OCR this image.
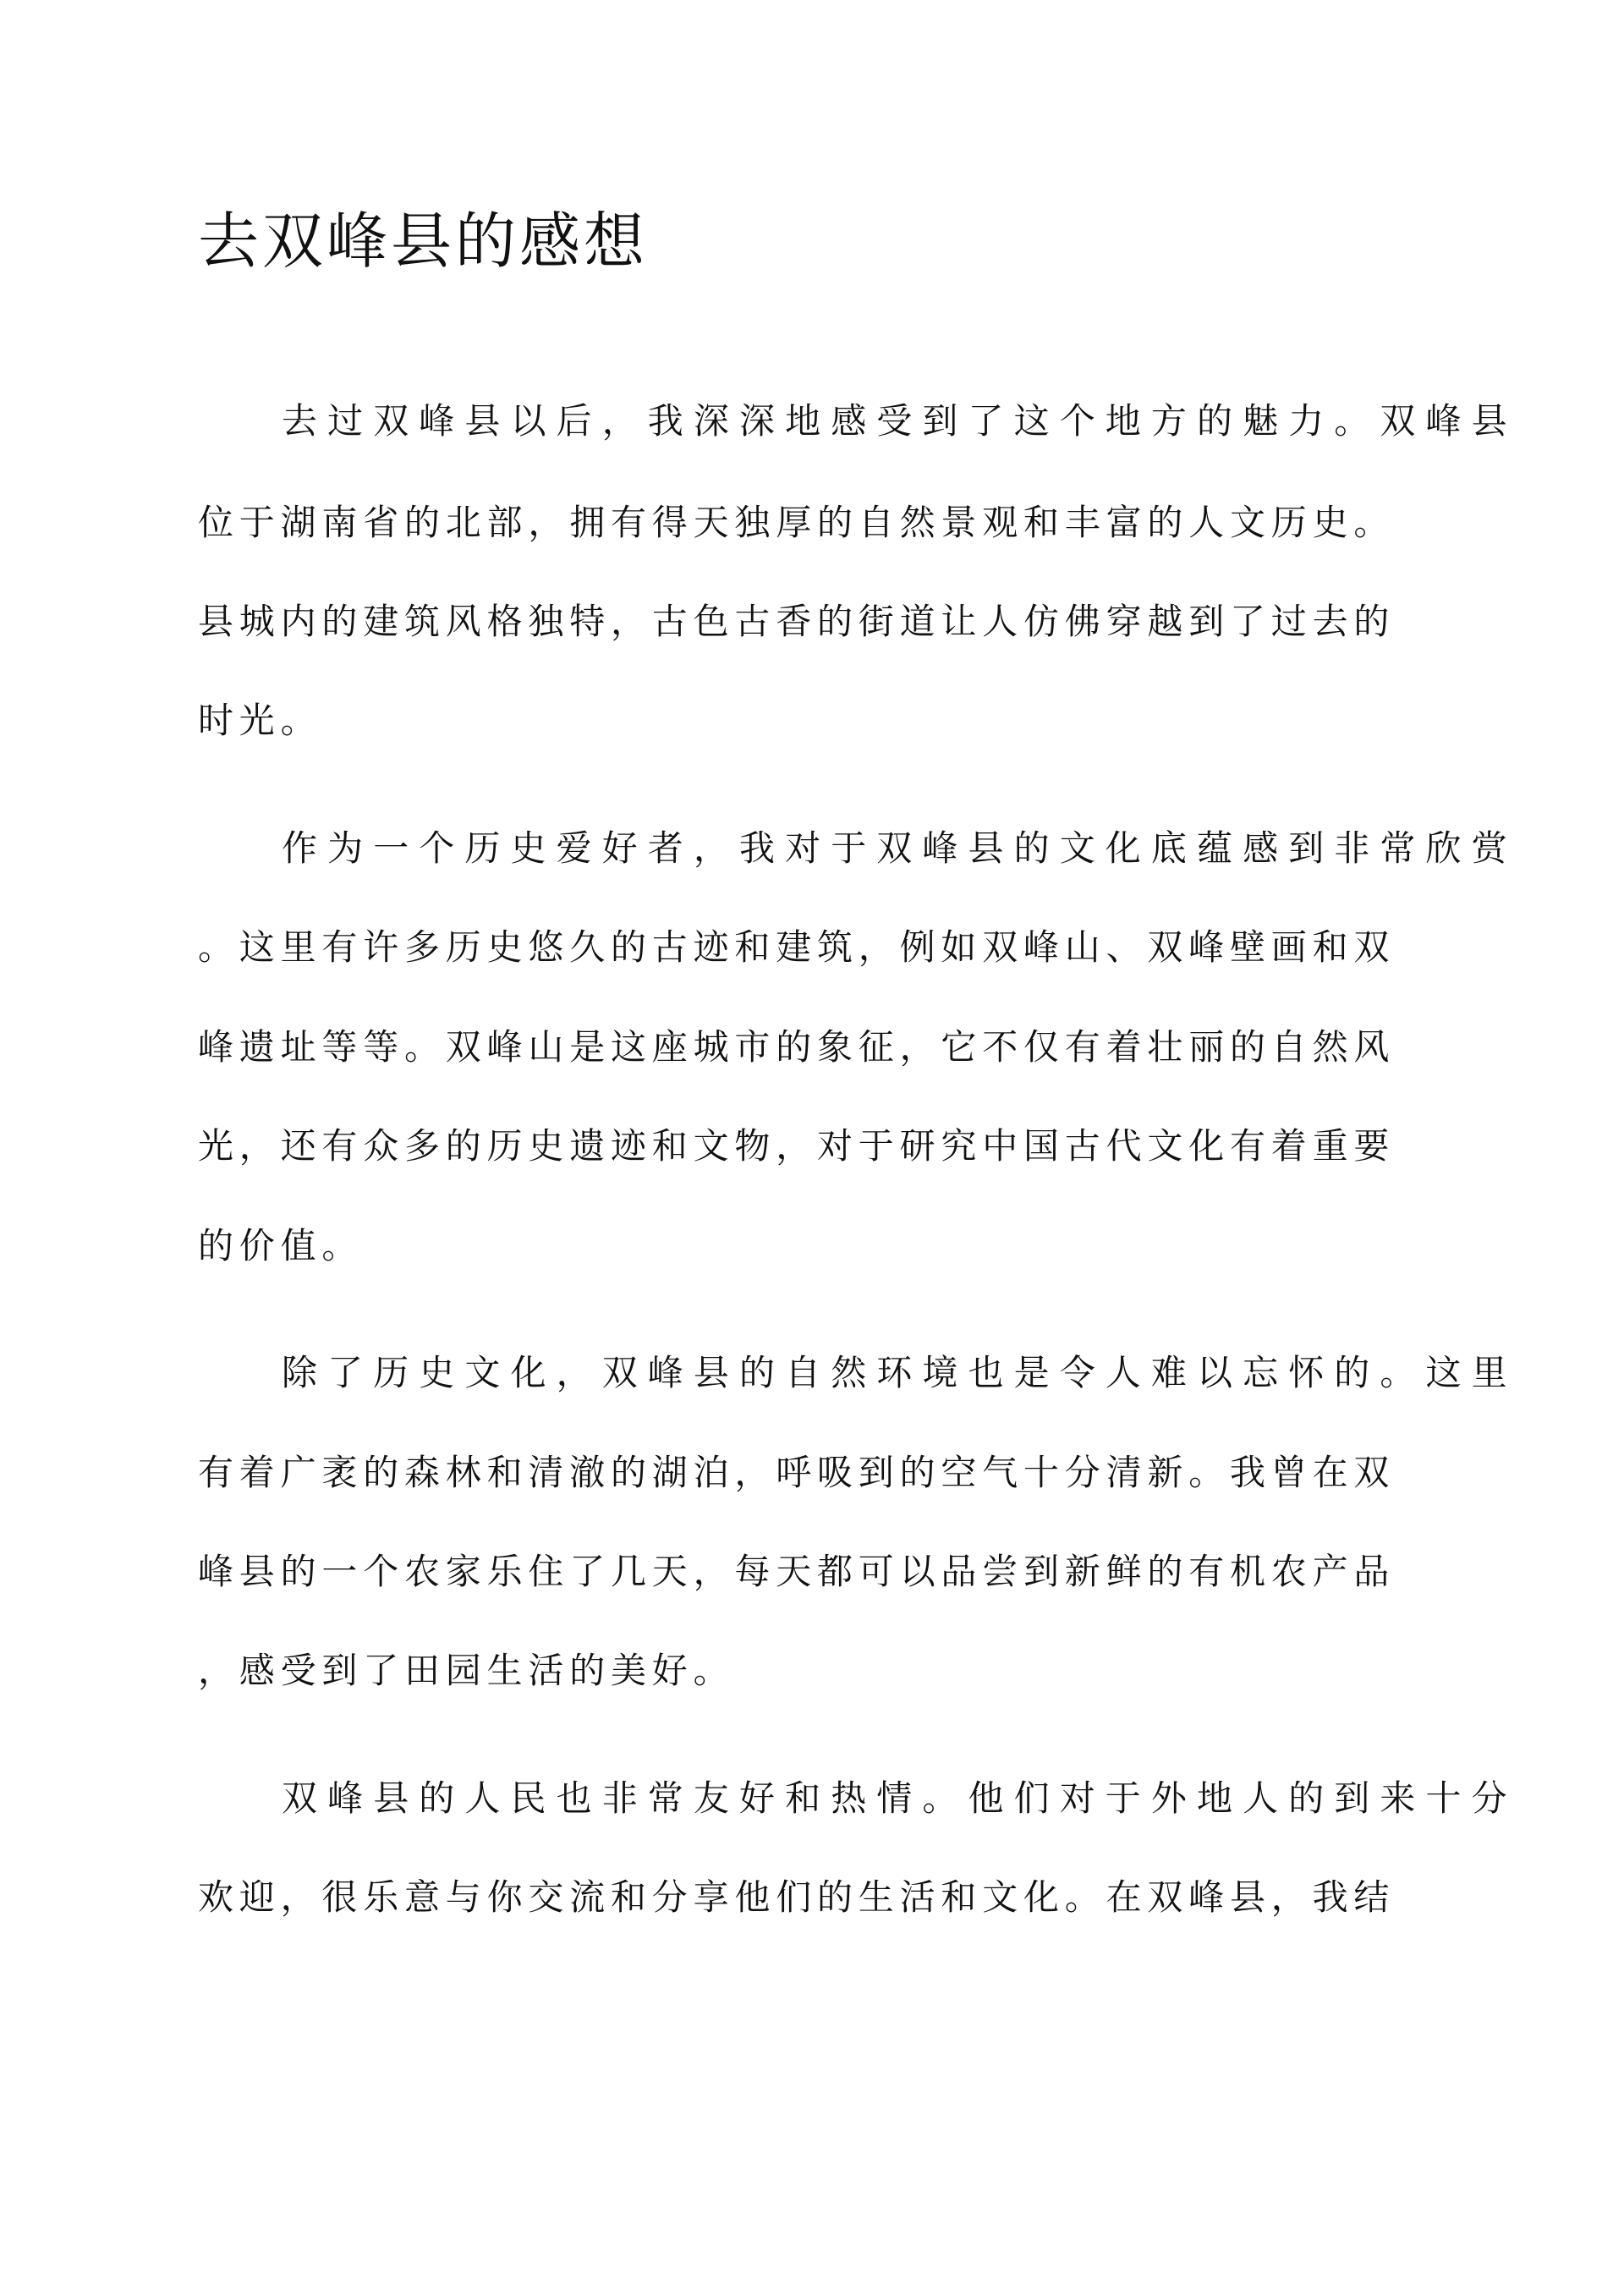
去双峰县的感想

去过双峰县以后，我深深地感受到了这个地方的魅力。双峰县

位于湖南省的北部，拥有得天独厚的自然景观和丰富的人文历史。

县城内的建筑风格独特，古色古香的街道让人仿佛穿越到了过去的

时光。

作为一个历史爱好者，我对于双峰县的文化底蕴感到非常欣赏

。这里有许多历史悠久的古迹和建筑，例如双峰山、双峰壁画和双

峰遗址等等。双峰山是这座城市的象征，它不仅有着壮丽的自然风

光，还有众多的历史遗迹和文物，对于研究中国古代文化有着重要

的价值。

除了历史文化，双峰县的自然环境也是令人难以忘怀的。这里

有着广袤的森林和清澈的湖泊，呼吸到的空气十分清新。我曾在双

峰县的一个农家乐住了几天，每天都可以品尝到新鲜的有机农产品

，感受到了田园生活的美好。

双峰县的人民也非常友好和热情。他们对于外地人的到来十分

欢迎，很乐意与你交流和分享他们的生活和文化。在双峰县，我结
